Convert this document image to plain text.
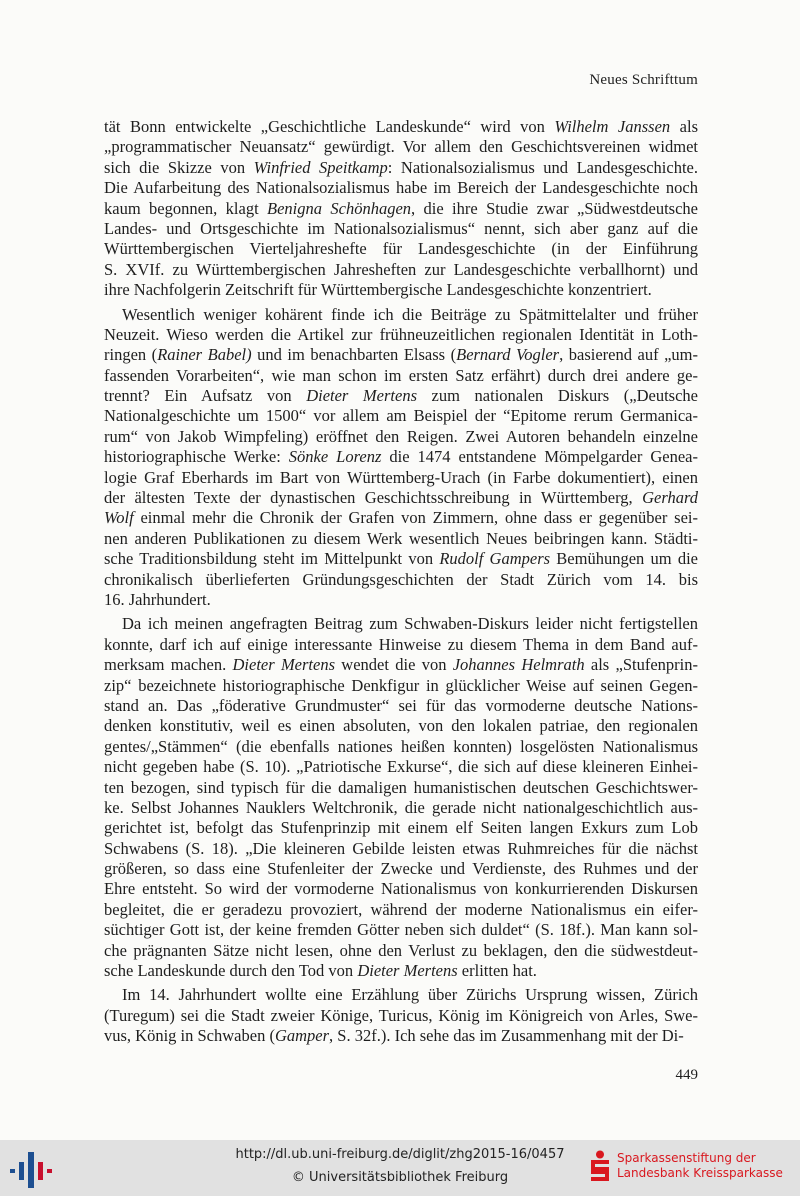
Neues Schrifttum
tät Bonn entwickelte „Geschichtliche Landeskunde“ wird von Wilhelm Janssen als
„programmatischer Neuansatz“ gewürdigt. Vor allem den Geschichtsvereinen widmet
sich die Skizze von Winfried Speitkamp: Nationalsozialismus und Landesgeschichte.
Die Aufarbeitung des Nationalsozialismus habe im Bereich der Landesgeschichte noch
kaum begonnen, klagt Benigna Schönhagen, die ihre Studie zwar „Südwestdeutsche
Landes- und Ortsgeschichte im Nationalsozialismus“ nennt, sich aber ganz auf die
Württembergischen Vierteljahreshefte für Landesgeschichte (in der Einführung
S. XVIf. zu Württembergischen Jahresheften zur Landesgeschichte verballhornt) und
ihre Nachfolgerin Zeitschrift für Württembergische Landesgeschichte konzentriert.
Wesentlich weniger kohärent finde ich die Beiträge zu Spätmittelalter und früher
Neuzeit. Wieso werden die Artikel zur frühneuzeitlichen regionalen Identität in Loth-
ringen (Rainer Babel) und im benachbarten Elsass (Bernard Vogler, basierend auf „um-
fassenden Vorarbeiten“, wie man schon im ersten Satz erfährt) durch drei andere ge-
trennt? Ein Aufsatz von Dieter Mertens zum nationalen Diskurs („Deutsche
Nationalgeschichte um 1500“ vor allem am Beispiel der “Epitome rerum Germanica-
rum“ von Jakob Wimpfeling) eröffnet den Reigen. Zwei Autoren behandeln einzelne
historiographische Werke: Sönke Lorenz die 1474 entstandene Mömpelgarder Genea-
logie Graf Eberhards im Bart von Württemberg-Urach (in Farbe dokumentiert), einen
der ältesten Texte der dynastischen Geschichtsschreibung in Württemberg, Gerhard
Wolf einmal mehr die Chronik der Grafen von Zimmern, ohne dass er gegenüber sei-
nen anderen Publikationen zu diesem Werk wesentlich Neues beibringen kann. Städti-
sche Traditionsbildung steht im Mittelpunkt von Rudolf Gampers Bemühungen um die
chronikalisch überlieferten Gründungsgeschichten der Stadt Zürich vom 14. bis
16. Jahrhundert.
Da ich meinen angefragten Beitrag zum Schwaben-Diskurs leider nicht fertigstellen
konnte, darf ich auf einige interessante Hinweise zu diesem Thema in dem Band auf-
merksam machen. Dieter Mertens wendet die von Johannes Helmrath als „Stufenprin-
zip“ bezeichnete historiographische Denkfigur in glücklicher Weise auf seinen Gegen-
stand an. Das „föderative Grundmuster“ sei für das vormoderne deutsche Nations-
denken konstitutiv, weil es einen absoluten, von den lokalen patriae, den regionalen
gentes/„Stämmen“ (die ebenfalls nationes heißen konnten) losgelösten Nationalismus
nicht gegeben habe (S. 10). „Patriotische Exkurse“, die sich auf diese kleineren Einhei-
ten bezogen, sind typisch für die damaligen humanistischen deutschen Geschichtswer-
ke. Selbst Johannes Nauklers Weltchronik, die gerade nicht nationalgeschichtlich aus-
gerichtet ist, befolgt das Stufenprinzip mit einem elf Seiten langen Exkurs zum Lob
Schwabens (S. 18). „Die kleineren Gebilde leisten etwas Ruhmreiches für die nächst
größeren, so dass eine Stufenleiter der Zwecke und Verdienste, des Ruhmes und der
Ehre entsteht. So wird der vormoderne Nationalismus von konkurrierenden Diskursen
begleitet, die er geradezu provoziert, während der moderne Nationalismus ein eifer-
süchtiger Gott ist, der keine fremden Götter neben sich duldet“ (S. 18f.). Man kann sol-
che prägnanten Sätze nicht lesen, ohne den Verlust zu beklagen, den die südwestdeut-
sche Landeskunde durch den Tod von Dieter Mertens erlitten hat.
Im 14. Jahrhundert wollte eine Erzählung über Zürichs Ursprung wissen, Zürich
(Turegum) sei die Stadt zweier Könige, Turicus, König im Königreich von Arles, Swe-
vus, König in Schwaben (Gamper, S. 32f.). Ich sehe das im Zusammenhang mit der Di-
449
http://dl.ub.uni-freiburg.de/diglit/zhg2015-16/0457
© Universitätsbibliothek Freiburg
Sparkassenstiftung der
Landesbank Kreissparkasse
